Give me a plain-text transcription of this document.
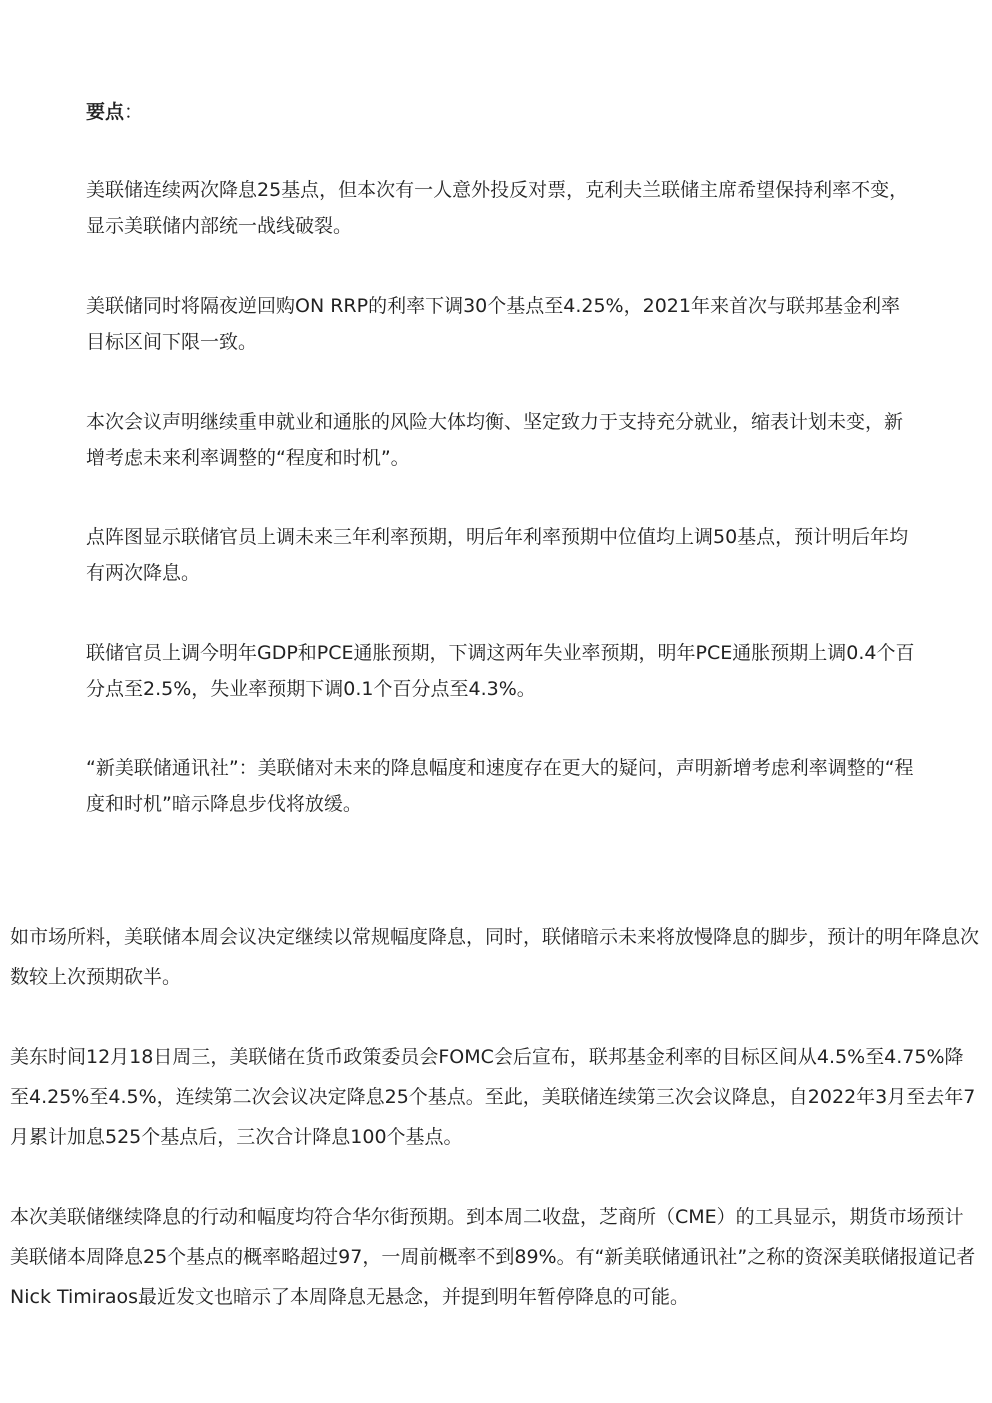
要点：

美联储连续两次降息25基点，但本次有一人意外投反对票，克利夫兰联储主席希望保持利率不变，显示美联储内部统一战线破裂。

美联储同时将隔夜逆回购ON RRP的利率下调30个基点至4.25%，2021年来首次与联邦基金利率目标区间下限一致。

本次会议声明继续重申就业和通胀的风险大体均衡、坚定致力于支持充分就业，缩表计划未变，新增考虑未来利率调整的“程度和时机”。

点阵图显示联储官员上调未来三年利率预期，明后年利率预期中位值均上调50基点，预计明后年均有两次降息。

联储官员上调今明年GDP和PCE通胀预期，下调这两年失业率预期，明年PCE通胀预期上调0.4个百分点至2.5%，失业率预期下调0.1个百分点至4.3%。

“新美联储通讯社”：美联储对未来的降息幅度和速度存在更大的疑问，声明新增考虑利率调整的“程度和时机”暗示降息步伐将放缓。

如市场所料，美联储本周会议决定继续以常规幅度降息，同时，联储暗示未来将放慢降息的脚步，预计的明年降息次数较上次预期砍半。

美东时间12月18日周三，美联储在货币政策委员会FOMC会后宣布，联邦基金利率的目标区间从4.5%至4.75%降至4.25%至4.5%，连续第二次会议决定降息25个基点。至此，美联储连续第三次会议降息，自2022年3月至去年7月累计加息525个基点后，三次合计降息100个基点。

本次美联储继续降息的行动和幅度均符合华尔街预期。到本周二收盘，芝商所（CME）的工具显示，期货市场预计美联储本周降息25个基点的概率略超过97，一周前概率不到89%。有“新美联储通讯社”之称的资深美联储报道记者Nick Timiraos最近发文也暗示了本周降息无悬念，并提到明年暂停降息的可能。
